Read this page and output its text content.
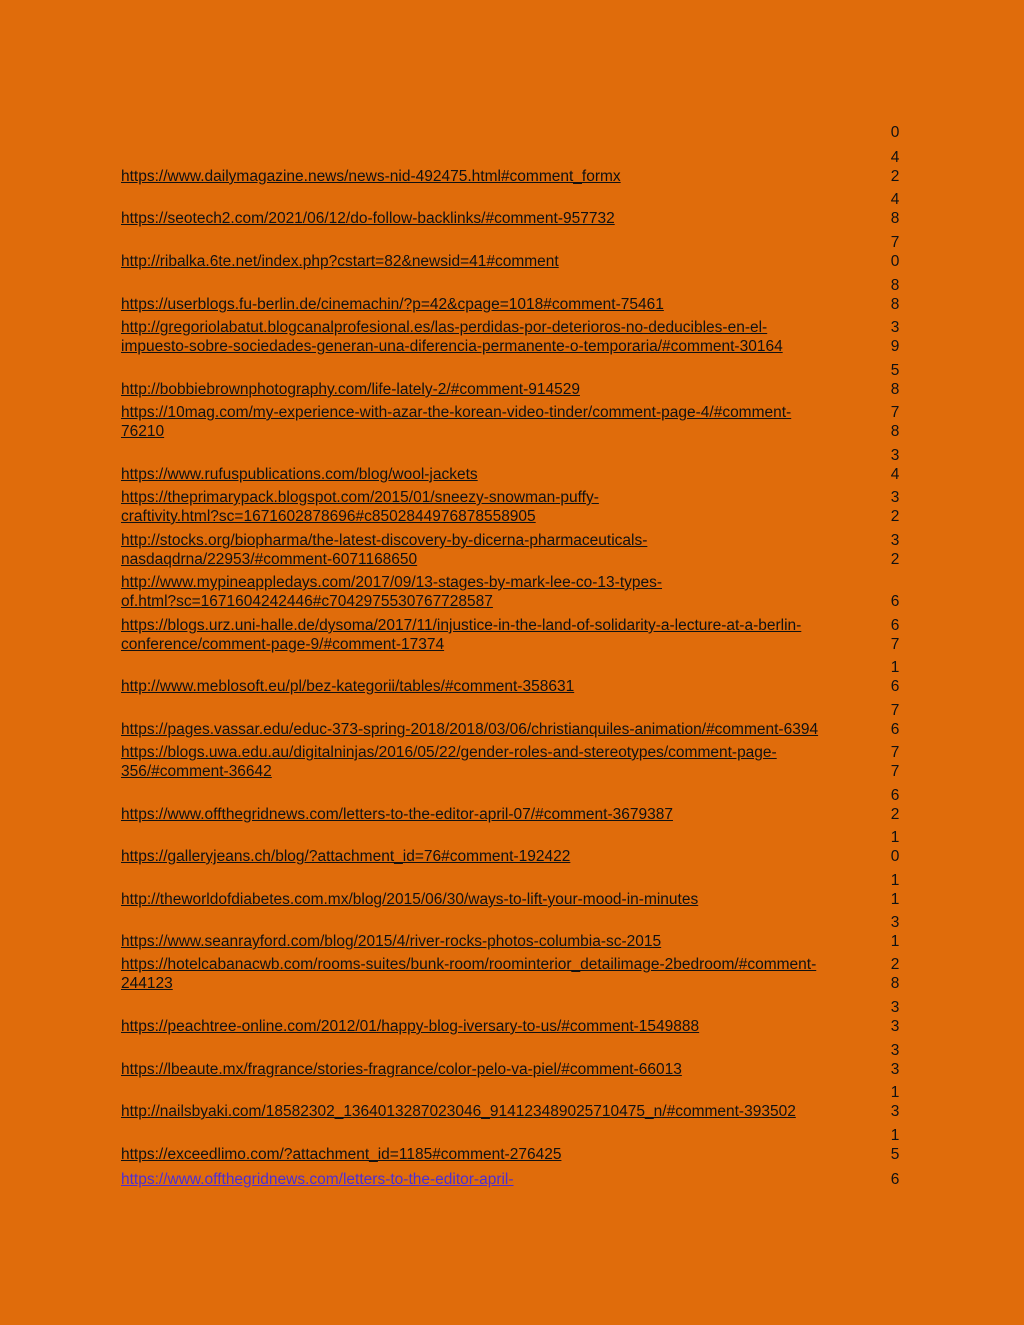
https://www.dailymagazine.news/news-nid-492475.html#comment_formx
https://seotech2.com/2021/06/12/do-follow-backlinks/#comment-957732
http://ribalka.6te.net/index.php?cstart=82&newsid=41#comment
https://userblogs.fu-berlin.de/cinemachin/?p=42&cpage=1018#comment-75461
http://gregoriolabatut.blogcanalprofesional.es/las-perdidas-por-deterioros-no-deducibles-en-el-
impuesto-sobre-sociedades-generan-una-diferencia-permanente-o-temporaria/#comment-30164
http://bobbiebrownphotography.com/life-lately-2/#comment-914529
https://10mag.com/my-experience-with-azar-the-korean-video-tinder/comment-page-4/#comment-
76210
https://www.rufuspublications.com/blog/wool-jackets
https://theprimarypack.blogspot.com/2015/01/sneezy-snowman-puffy-
craftivity.html?sc=1671602878696#c8502844976878558905
http://stocks.org/biopharma/the-latest-discovery-by-dicerna-pharmaceuticals-
nasdaqdrna/22953/#comment-6071168650
http://www.mypineappledays.com/2017/09/13-stages-by-mark-lee-co-13-types-
of.html?sc=1671604242446#c7042975530767728587
https://blogs.urz.uni-halle.de/dysoma/2017/11/injustice-in-the-land-of-solidarity-a-lecture-at-a-berlin-
conference/comment-page-9/#comment-17374
http://www.meblosoft.eu/pl/bez-kategorii/tables/#comment-358631
https://pages.vassar.edu/educ-373-spring-2018/2018/03/06/christianquiles-animation/#comment-6394
https://blogs.uwa.edu.au/digitalninjas/2016/05/22/gender-roles-and-stereotypes/comment-page-
356/#comment-36642
https://www.offthegridnews.com/letters-to-the-editor-april-07/#comment-3679387
https://galleryjeans.ch/blog/?attachment_id=76#comment-192422
http://theworldofdiabetes.com.mx/blog/2015/06/30/ways-to-lift-your-mood-in-minutes
https://www.seanrayford.com/blog/2015/4/river-rocks-photos-columbia-sc-2015
https://hotelcabanacwb.com/rooms-suites/bunk-room/roominterior_detailimage-2bedroom/#comment-
244123
https://peachtree-online.com/2012/01/happy-blog-iversary-to-us/#comment-1549888
https://lbeaute.mx/fragrance/stories-fragrance/color-pelo-va-piel/#comment-66013
http://nailsbyaki.com/18582302_1364013287023046_914123489025710475_n/#comment-393502
https://exceedlimo.com/?attachment_id=1185#comment-276425
https://www.offthegridnews.com/letters-to-the-editor-april-
0
4
2
4
8
7
0
8
8
3
9
5
8
7
8
3
4
3
2
3
2
6
6
7
1
6
7
6
7
7
6
2
1
0
1
1
3
1
2
8
3
3
3
3
1
3
1
5
6
